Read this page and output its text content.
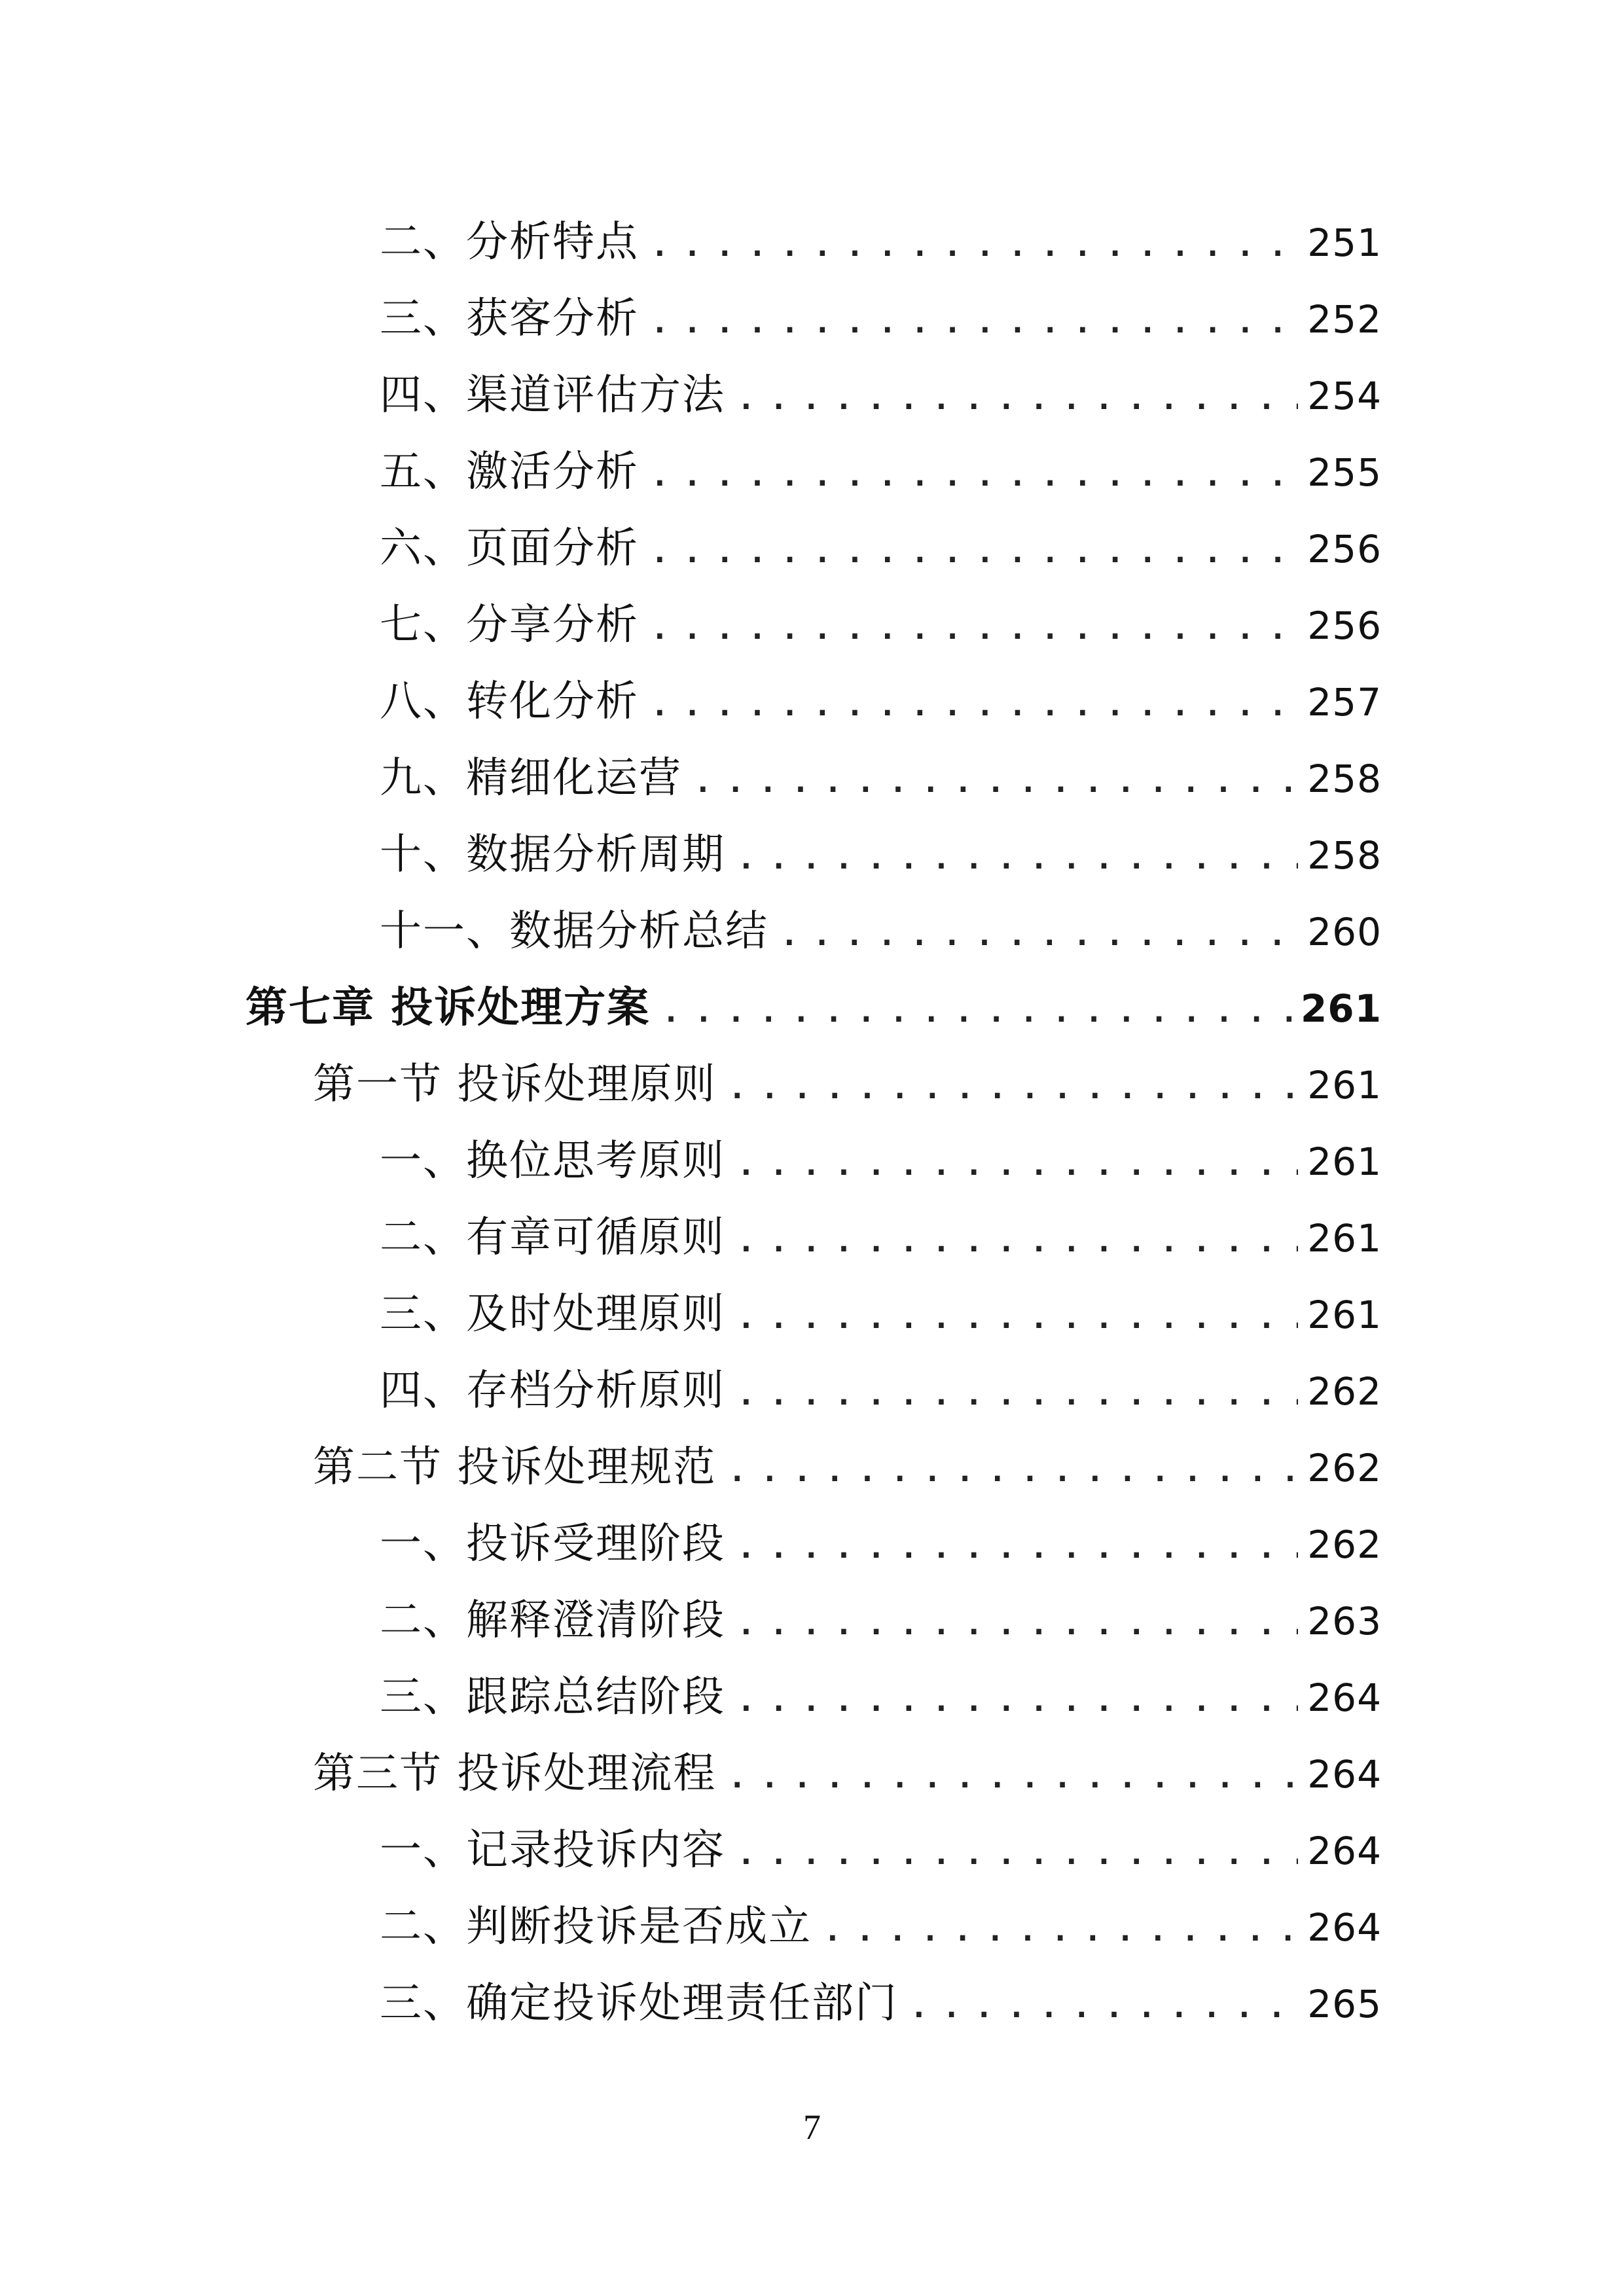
二、分析特点 .....	251
三、获客分析 .....	252
四、渠道评估方法 .....	254
五、激活分析 .....	255
六、页面分析 .....	256
七、分享分析 .....	256
八、转化分析 .....	257
九、精细化运营 .....	258
十、数据分析周期 .....	258
十一、数据分析总结 .....	260
第七章 投诉处理方案 .....	261
第一节 投诉处理原则 .....	261
一、换位思考原则 .....	261
二、有章可循原则 .....	261
三、及时处理原则 .....	261
四、存档分析原则 .....	262
第二节 投诉处理规范 .....	262
一、投诉受理阶段 .....	262
二、解释澄清阶段 .....	263
三、跟踪总结阶段 .....	264
第三节 投诉处理流程 .....	264
一、记录投诉内容 .....	264
二、判断投诉是否成立 .....	264
三、确定投诉处理责任部门 .....	265
7
